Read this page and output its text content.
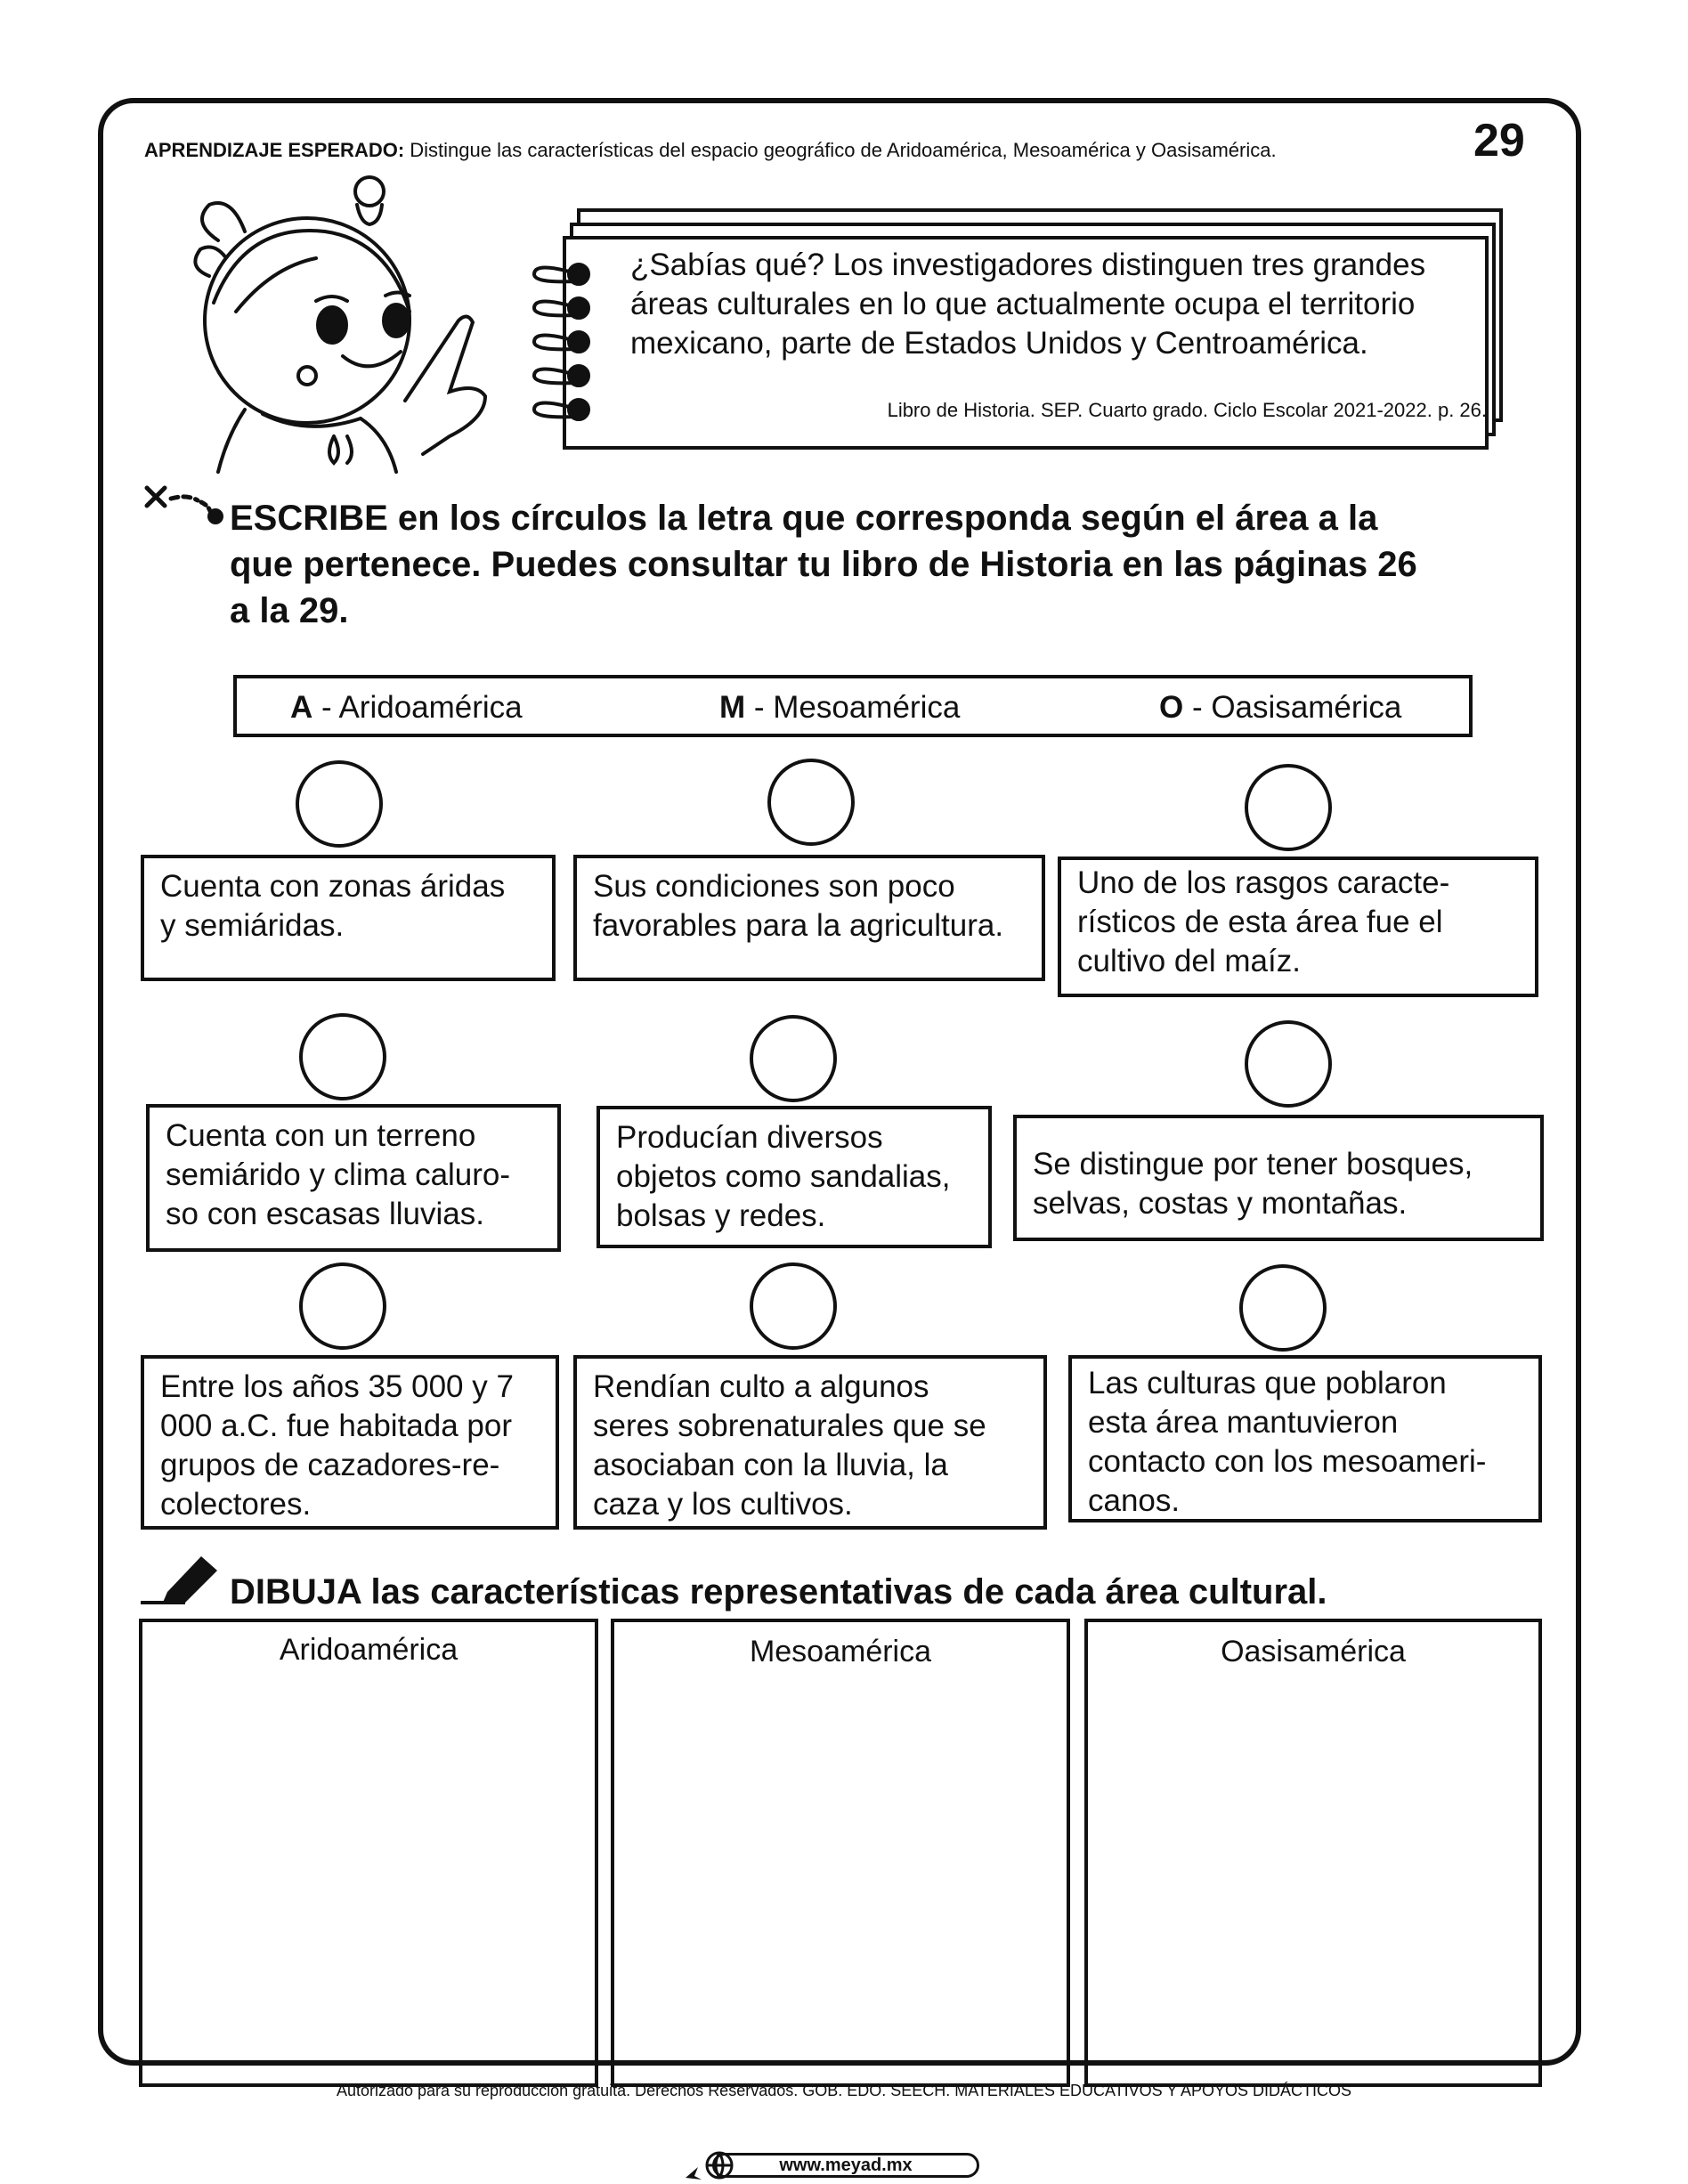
APRENDIZAJE ESPERADO: Distingue las características del espacio geográfico de Aridoamérica, Mesoamérica y Oasisamérica.	29
¿Sabías qué? Los investigadores distinguen tres grandes áreas culturales en lo que actualmente ocupa el territorio mexicano, parte de Estados Unidos y Centroamérica.
Libro de Historia. SEP. Cuarto grado. Ciclo Escolar 2021-2022. p. 26.
ESCRIBE en los círculos la letra que corresponda según el área a la
que pertenece. Puedes consultar tu libro de Historia en las páginas 26
a la 29.
A - Aridoamérica	M - Mesoamérica	O - Oasisamérica
Cuenta con zonas áridas
y semiáridas.
Sus condiciones son poco
favorables para la agricultura.
Uno de los rasgos caracte-
rísticos de esta área fue el
cultivo del maíz.
Cuenta con un terreno
semiárido y clima caluro-
so con escasas lluvias.
Producían diversos
objetos como sandalias,
bolsas y redes.
Se distingue por tener bosques,
selvas, costas y montañas.
Entre los años 35 000 y 7
000 a.C. fue habitada por
grupos de cazadores-re-
colectores.
Rendían culto a algunos
seres sobrenaturales que se
asociaban con la lluvia, la
caza y los cultivos.
Las culturas que poblaron
esta área mantuvieron
contacto con los mesoameri-
canos.
DIBUJA las características representativas de cada área cultural.
Aridoamérica	Mesoamérica	Oasisamérica
Autorizado para su reproducción gratuita. Derechos Reservados. GOB. EDO. SEECH. MATERIALES EDUCATIVOS Y APOYOS DIDÁCTICOS
www.meyad.mx
